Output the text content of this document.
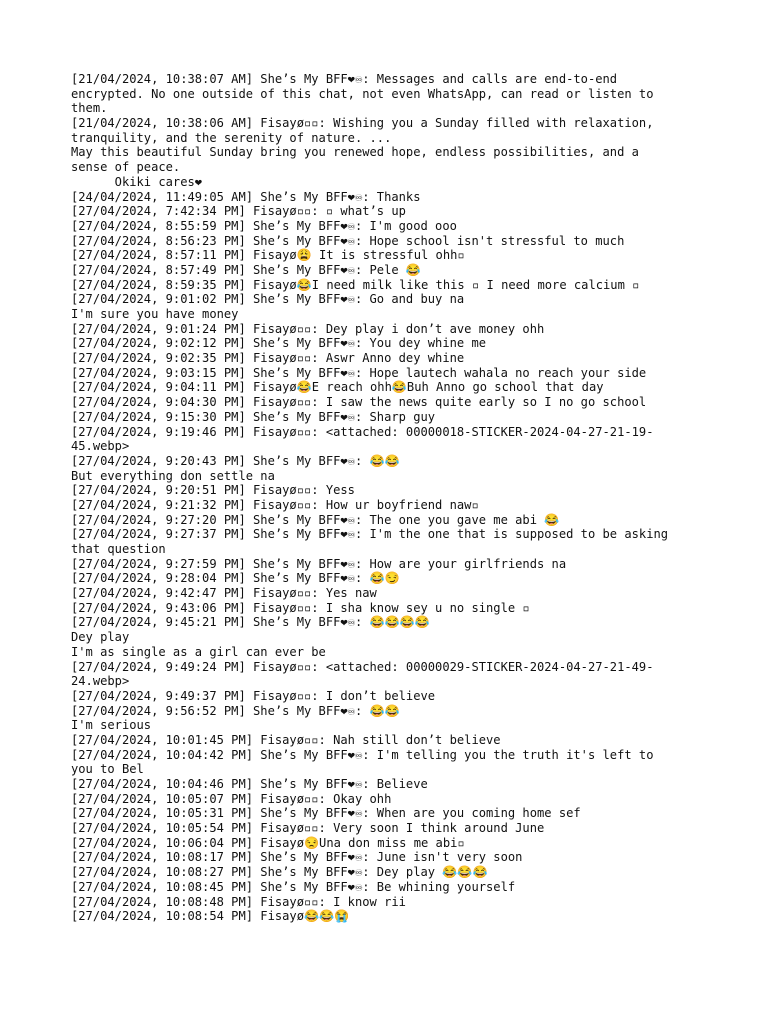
[21/04/2024, 10:38:07 AM] She’s My BFF❤♾: Messages and calls are end-to-end
encrypted. No one outside of this chat, not even WhatsApp, can read or listen to
them.
[21/04/2024, 10:38:06 AM] Fisayø▫▫: Wishing you a Sunday filled with relaxation,
tranquility, and the serenity of nature. ...
May this beautiful Sunday bring you renewed hope, endless possibilities, and a
sense of peace.
Okiki cares❤
[24/04/2024, 11:49:05 AM] She’s My BFF❤♾: Thanks
[27/04/2024, 7:42:34 PM] Fisayø▫▫: ▫ what’s up
[27/04/2024, 8:55:59 PM] She’s My BFF❤♾: I'm good ooo
[27/04/2024, 8:56:23 PM] She’s My BFF❤♾: Hope school isn't stressful to much
[27/04/2024, 8:57:11 PM] Fisayø😩 It is stressful ohh▫
[27/04/2024, 8:57:49 PM] She’s My BFF❤♾: Pele 😂
[27/04/2024, 8:59:35 PM] Fisayø😂I need milk like this ▫ I need more calcium ▫
[27/04/2024, 9:01:02 PM] She’s My BFF❤♾: Go and buy na
I'm sure you have money
[27/04/2024, 9:01:24 PM] Fisayø▫▫: Dey play i don’t ave money ohh
[27/04/2024, 9:02:12 PM] She’s My BFF❤♾: You dey whine me
[27/04/2024, 9:02:35 PM] Fisayø▫▫: Aswr Anno dey whine
[27/04/2024, 9:03:15 PM] She’s My BFF❤♾: Hope lautech wahala no reach your side
[27/04/2024, 9:04:11 PM] Fisayø😂E reach ohh😂Buh Anno go school that day
[27/04/2024, 9:04:30 PM] Fisayø▫▫: I saw the news quite early so I no go school
[27/04/2024, 9:15:30 PM] She’s My BFF❤♾: Sharp guy
[27/04/2024, 9:19:46 PM] Fisayø▫▫: <attached: 00000018-STICKER-2024-04-27-21-19-
45.webp>
[27/04/2024, 9:20:43 PM] She’s My BFF❤♾: 😂😂
But everything don settle na
[27/04/2024, 9:20:51 PM] Fisayø▫▫: Yess
[27/04/2024, 9:21:32 PM] Fisayø▫▫: How ur boyfriend naw▫
[27/04/2024, 9:27:20 PM] She’s My BFF❤♾: The one you gave me abi 😂
[27/04/2024, 9:27:37 PM] She’s My BFF❤♾: I'm the one that is supposed to be asking
that question
[27/04/2024, 9:27:59 PM] She’s My BFF❤♾: How are your girlfriends na
[27/04/2024, 9:28:04 PM] She’s My BFF❤♾: 😂😏
[27/04/2024, 9:42:47 PM] Fisayø▫▫: Yes naw
[27/04/2024, 9:43:06 PM] Fisayø▫▫: I sha know sey u no single ▫
[27/04/2024, 9:45:21 PM] She’s My BFF❤♾: 😂😂😂😂
Dey play
I'm as single as a girl can ever be
[27/04/2024, 9:49:24 PM] Fisayø▫▫: <attached: 00000029-STICKER-2024-04-27-21-49-
24.webp>
[27/04/2024, 9:49:37 PM] Fisayø▫▫: I don’t believe
[27/04/2024, 9:56:52 PM] She’s My BFF❤♾: 😂😂
I'm serious
[27/04/2024, 10:01:45 PM] Fisayø▫▫: Nah still don’t believe
[27/04/2024, 10:04:42 PM] She’s My BFF❤♾: I'm telling you the truth it's left to
you to Bel
[27/04/2024, 10:04:46 PM] She’s My BFF❤♾: Believe
[27/04/2024, 10:05:07 PM] Fisayø▫▫: Okay ohh
[27/04/2024, 10:05:31 PM] She’s My BFF❤♾: When are you coming home sef
[27/04/2024, 10:05:54 PM] Fisayø▫▫: Very soon I think around June
[27/04/2024, 10:06:04 PM] Fisayø😒Una don miss me abi▫
[27/04/2024, 10:08:17 PM] She’s My BFF❤♾: June isn't very soon
[27/04/2024, 10:08:27 PM] She’s My BFF❤♾: Dey play 😂😂😂
[27/04/2024, 10:08:45 PM] She’s My BFF❤♾: Be whining yourself
[27/04/2024, 10:08:48 PM] Fisayø▫▫: I know rii
[27/04/2024, 10:08:54 PM] Fisayø😂😂😭
